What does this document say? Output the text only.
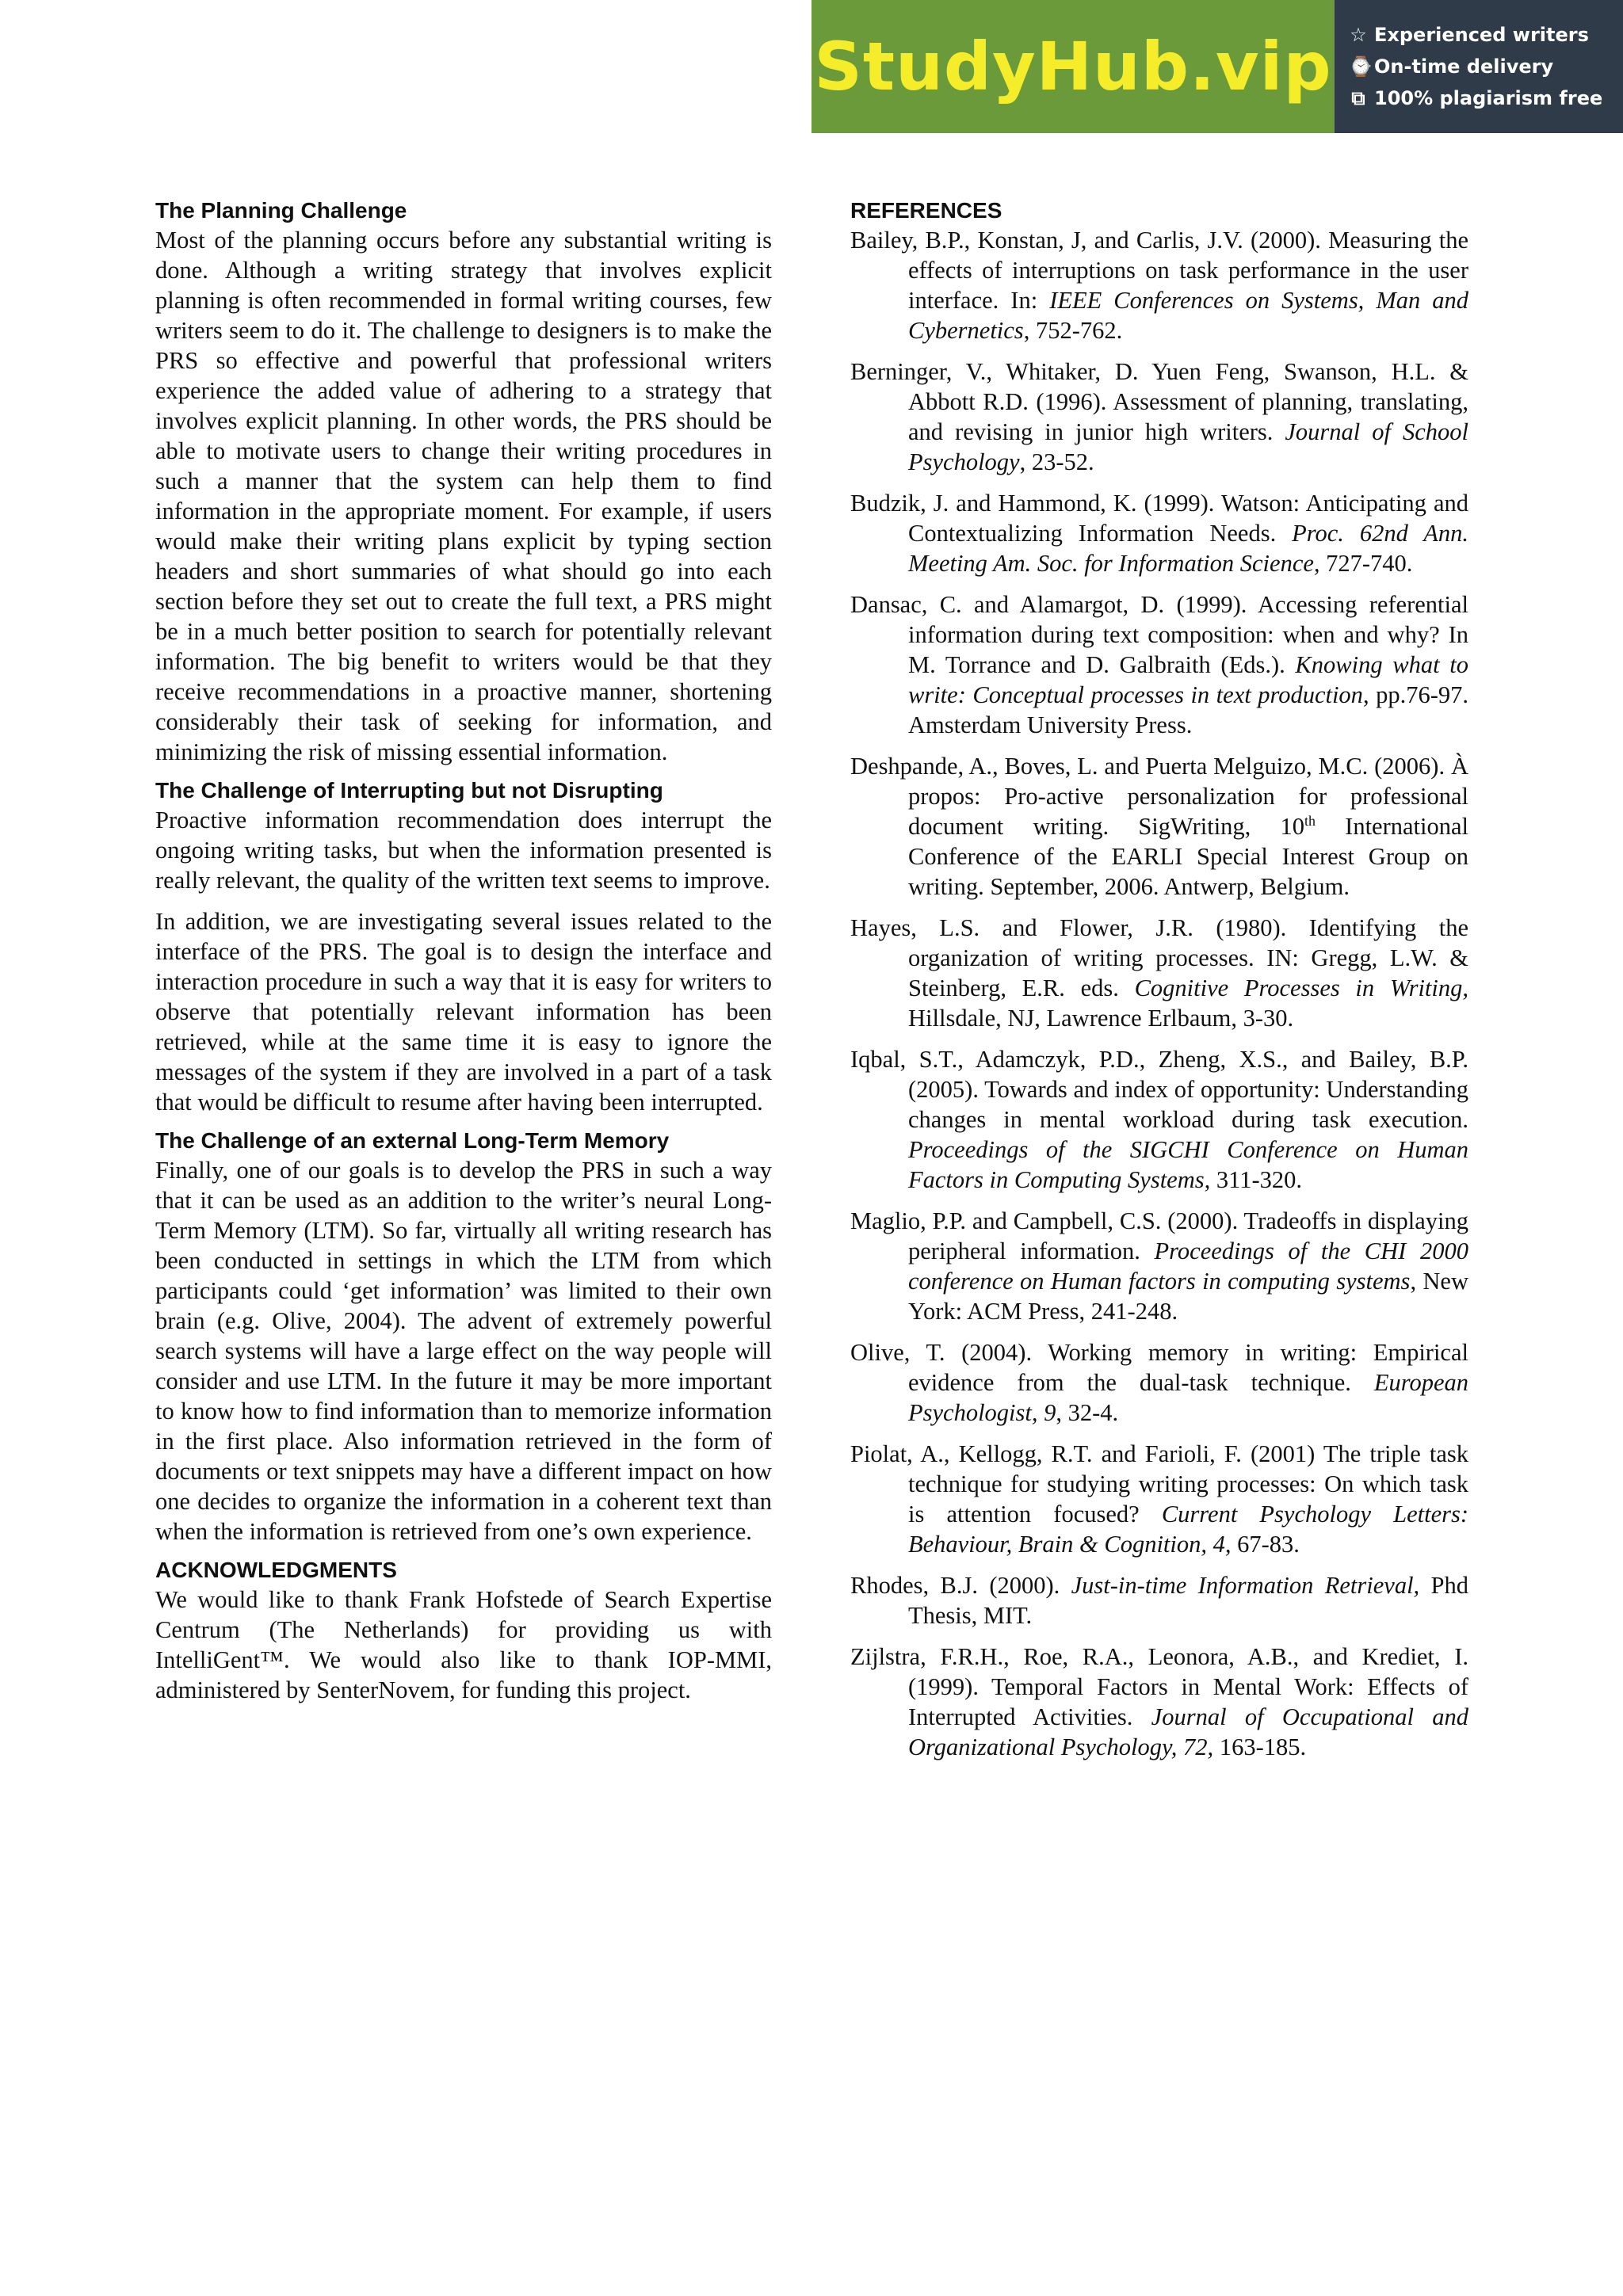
StudyHub.vip ☆ Experienced writers
⌚ On-time delivery
⧉ 100% plagiarism free
The Planning Challenge

Most of the planning occurs before any substantial writing is done. Although a writing strategy that involves explicit planning is often recommended in formal writing courses, few writers seem to do it. The challenge to designers is to make the PRS so effective and powerful that professional writers experience the added value of adhering to a strategy that involves explicit planning. In other words, the PRS should be able to motivate users to change their writing procedures in such a manner that the system can help them to find information in the appropriate moment. For example, if users would make their writing plans explicit by typing section headers and short summaries of what should go into each section before they set out to create the full text, a PRS might be in a much better position to search for potentially relevant information. The big benefit to writers would be that they receive recommendations in a proactive manner, shortening considerably their task of seeking for information, and minimizing the risk of missing essential information.

The Challenge of Interrupting but not Disrupting

Proactive information recommendation does interrupt the ongoing writing tasks, but when the information presented is really relevant, the quality of the written text seems to improve.

In addition, we are investigating several issues related to the interface of the PRS. The goal is to design the interface and interaction procedure in such a way that it is easy for writers to observe that potentially relevant information has been retrieved, while at the same time it is easy to ignore the messages of the system if they are involved in a part of a task that would be difficult to resume after having been interrupted.

The Challenge of an external Long-Term Memory

Finally, one of our goals is to develop the PRS in such a way that it can be used as an addition to the writer’s neural Long-Term Memory (LTM). So far, virtually all writing research has been conducted in settings in which the LTM from which participants could ‘get information’ was limited to their own brain (e.g. Olive, 2004). The advent of extremely powerful search systems will have a large effect on the way people will consider and use LTM. In the future it may be more important to know how to find information than to memorize information in the first place. Also information retrieved in the form of documents or text snippets may have a different impact on how one decides to organize the information in a coherent text than when the information is retrieved from one’s own experience.

ACKNOWLEDGMENTS

We would like to thank Frank Hofstede of Search Expertise Centrum (The Netherlands) for providing us with IntelliGent™. We would also like to thank IOP-MMI, administered by SenterNovem, for funding this project.

REFERENCES

Bailey, B.P., Konstan, J, and Carlis, J.V. (2000). Measuring the effects of interruptions on task performance in the user interface. In: IEEE Conferences on Systems, Man and Cybernetics, 752-762.

Berninger, V., Whitaker, D. Yuen Feng, Swanson, H.L. & Abbott R.D. (1996). Assessment of planning, translating, and revising in junior high writers. Journal of School Psychology, 23-52.

Budzik, J. and Hammond, K. (1999). Watson: Anticipating and Contextualizing Information Needs. Proc. 62nd Ann. Meeting Am. Soc. for Information Science, 727-740.

Dansac, C. and Alamargot, D. (1999). Accessing referential information during text composition: when and why? In M. Torrance and D. Galbraith (Eds.). Knowing what to write: Conceptual processes in text production, pp.76-97. Amsterdam University Press.

Deshpande, A., Boves, L. and Puerta Melguizo, M.C. (2006). À propos: Pro-active personalization for professional document writing. SigWriting, 10th International Conference of the EARLI Special Interest Group on writing. September, 2006. Antwerp, Belgium.

Hayes, L.S. and Flower, J.R. (1980). Identifying the organization of writing processes. IN: Gregg, L.W. & Steinberg, E.R. eds. Cognitive Processes in Writing, Hillsdale, NJ, Lawrence Erlbaum, 3-30.

Iqbal, S.T., Adamczyk, P.D., Zheng, X.S., and Bailey, B.P. (2005). Towards and index of opportunity: Understanding changes in mental workload during task execution. Proceedings of the SIGCHI Conference on Human Factors in Computing Systems, 311-320.

Maglio, P.P. and Campbell, C.S. (2000). Tradeoffs in displaying peripheral information. Proceedings of the CHI 2000 conference on Human factors in computing systems, New York: ACM Press, 241-248.

Olive, T. (2004). Working memory in writing: Empirical evidence from the dual-task technique. European Psychologist, 9, 32-4.

Piolat, A., Kellogg, R.T. and Farioli, F. (2001) The triple task technique for studying writing processes: On which task is attention focused? Current Psychology Letters: Behaviour, Brain & Cognition, 4, 67-83.

Rhodes, B.J. (2000). Just-in-time Information Retrieval, Phd Thesis, MIT.

Zijlstra, F.R.H., Roe, R.A., Leonora, A.B., and Krediet, I. (1999). Temporal Factors in Mental Work: Effects of Interrupted Activities. Journal of Occupational and Organizational Psychology, 72, 163-185.
